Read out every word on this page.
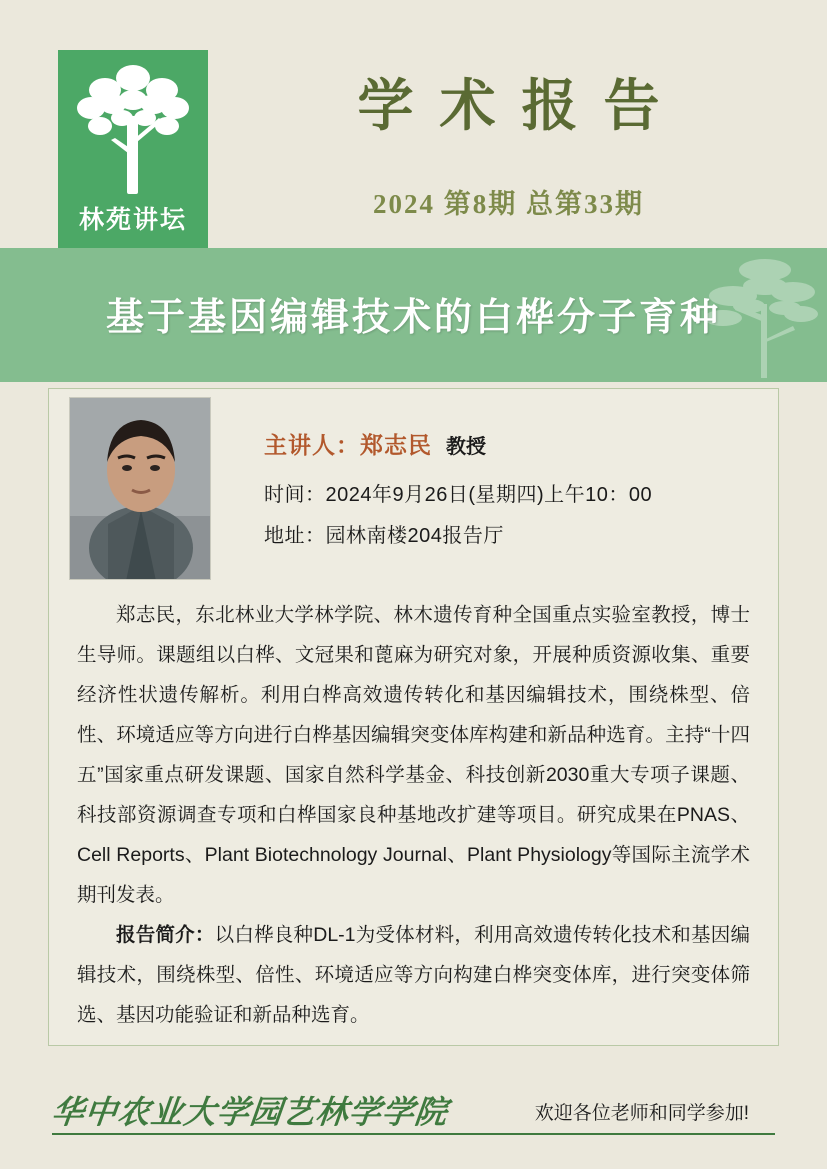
林苑讲坛
学术报告
2024 第8期 总第33期
基于基因编辑技术的白桦分子育种
主讲人：郑志民 教授
时间：2024年9月26日(星期四)上午10：00
地址：园林南楼204报告厅

郑志民，东北林业大学林学院、林木遗传育种全国重点实验室教授，博士生导师。课题组以白桦、文冠果和蓖麻为研究对象，开展种质资源收集、重要经济性状遗传解析。利用白桦高效遗传转化和基因编辑技术，围绕株型、倍性、环境适应等方向进行白桦基因编辑突变体库构建和新品种选育。主持“十四五”国家重点研发课题、国家自然科学基金、科技创新2030重大专项子课题、科技部资源调查专项和白桦国家良种基地改扩建等项目。研究成果在PNAS、Cell Reports、Plant Biotechnology Journal、Plant Physiology等国际主流学术期刊发表。

报告简介：以白桦良种DL-1为受体材料，利用高效遗传转化技术和基因编辑技术，围绕株型、倍性、环境适应等方向构建白桦突变体库，进行突变体筛选、基因功能验证和新品种选育。

华中农业大学园艺林学学院	欢迎各位老师和同学参加!
